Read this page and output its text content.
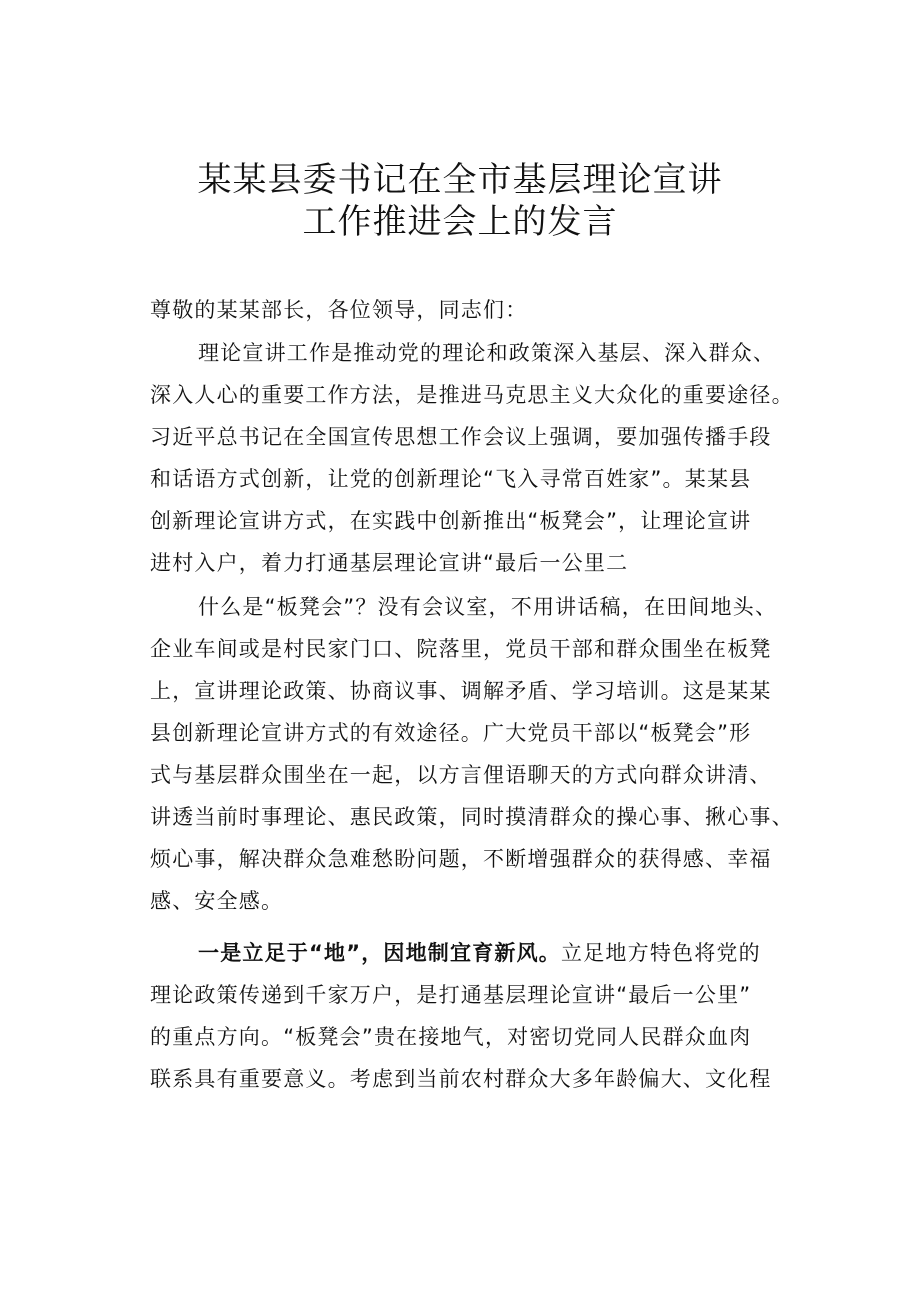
某某县委书记在全市基层理论宣讲
工作推进会上的发言
尊敬的某某部长，各位领导，同志们：
理论宣讲工作是推动党的理论和政策深入基层、深入群众、
深入人心的重要工作方法，是推进马克思主义大众化的重要途径。
习近平总书记在全国宣传思想工作会议上强调，要加强传播手段
和话语方式创新，让党的创新理论“飞入寻常百姓家”。某某县
创新理论宣讲方式，在实践中创新推出“板凳会”，让理论宣讲
进村入户，着力打通基层理论宣讲“最后一公里二
什么是“板凳会”？没有会议室，不用讲话稿，在田间地头、
企业车间或是村民家门口、院落里，党员干部和群众围坐在板凳
上，宣讲理论政策、协商议事、调解矛盾、学习培训。这是某某
县创新理论宣讲方式的有效途径。广大党员干部以“板凳会”形
式与基层群众围坐在一起，以方言俚语聊天的方式向群众讲清、
讲透当前时事理论、惠民政策，同时摸清群众的操心事、揪心事、
烦心事，解决群众急难愁盼问题，不断增强群众的获得感、幸福
感、安全感。
一是立足于“地”，因地制宜育新风。立足地方特色将党的
理论政策传递到千家万户，是打通基层理论宣讲“最后一公里”
的重点方向。“板凳会”贵在接地气，对密切党同人民群众血肉
联系具有重要意义。考虑到当前农村群众大多年龄偏大、文化程
